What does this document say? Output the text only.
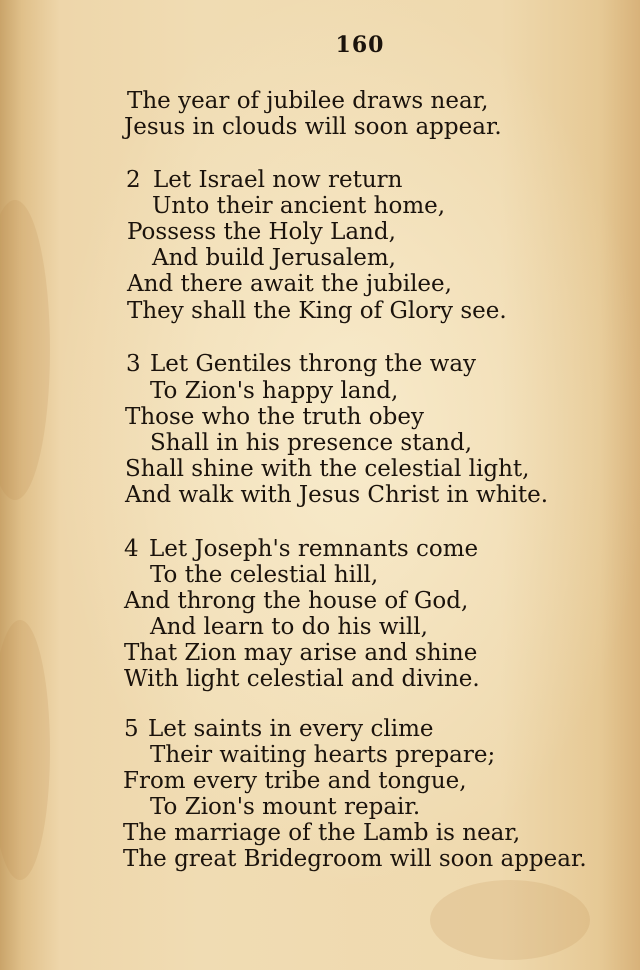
160
The year of jubilee draws near,
Jesus in clouds will soon appear.
2 Let Israel now return
Unto their ancient home,
Possess the Holy Land,
And build Jerusalem,
And there await the jubilee,
They shall the King of Glory see.
3 Let Gentiles throng the way
To Zion's happy land,
Those who the truth obey
Shall in his presence stand,
Shall shine with the celestial light,
And walk with Jesus Christ in white.
4 Let Joseph's remnants come
To the celestial hill,
And throng the house of God,
And learn to do his will,
That Zion may arise and shine
With light celestial and divine.
5 Let saints in every clime
Their waiting hearts prepare;
From every tribe and tongue,
To Zion's mount repair.
The marriage of the Lamb is near,
The great Bridegroom will soon appear.
